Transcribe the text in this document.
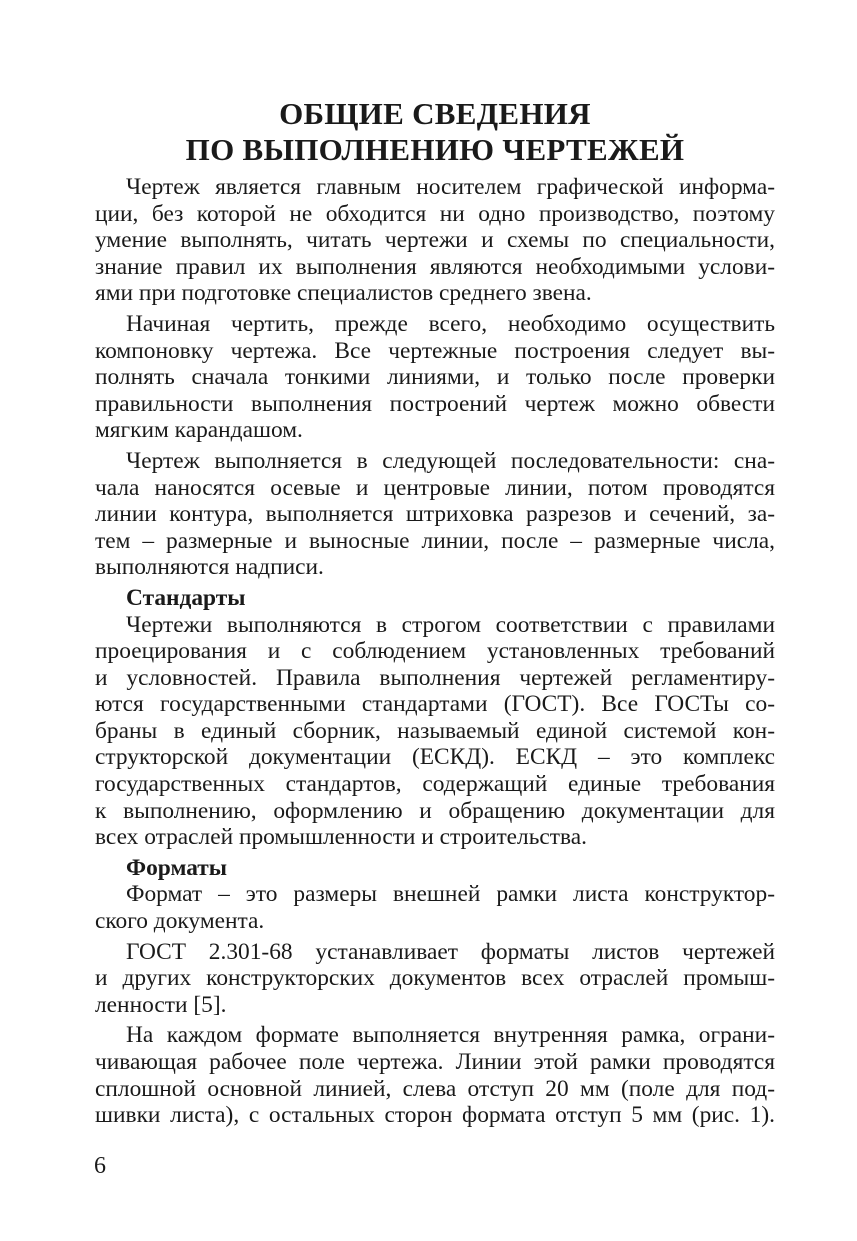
ОБЩИЕ СВЕДЕНИЯ
ПО ВЫПОЛНЕНИЮ ЧЕРТЕЖЕЙ
Чертеж является главным носителем графической информа-
ции, без которой не обходится ни одно производство, поэтому
умение выполнять, читать чертежи и схемы по специальности,
знание правил их выполнения являются необходимыми услови-
ями при подготовке специалистов среднего звена.
Начиная чертить, прежде всего, необходимо осуществить
компоновку чертежа. Все чертежные построения следует вы-
полнять сначала тонкими линиями, и только после проверки
правильности выполнения построений чертеж можно обвести
мягким карандашом.
Чертеж выполняется в следующей последовательности: сна-
чала наносятся осевые и центровые линии, потом проводятся
линии контура, выполняется штриховка разрезов и сечений, за-
тем – размерные и выносные линии, после – размерные числа,
выполняются надписи.
Стандарты
Чертежи выполняются в строгом соответствии с правилами
проецирования и с соблюдением установленных требований
и условностей. Правила выполнения чертежей регламентиру-
ются государственными стандартами (ГОСТ). Все ГОСТы со-
браны в единый сборник, называемый единой системой кон-
структорской документации (ЕСКД). ЕСКД – это комплекс
государственных стандартов, содержащий единые требования
к выполнению, оформлению и обращению документации для
всех отраслей промышленности и строительства.
Форматы
Формат – это размеры внешней рамки листа конструктор-
ского документа.
ГОСТ 2.301-68 устанавливает форматы листов чертежей
и других конструкторских документов всех отраслей промыш-
ленности [5].
На каждом формате выполняется внутренняя рамка, ограни-
чивающая рабочее поле чертежа. Линии этой рамки проводятся
сплошной основной линией, слева отступ 20 мм (поле для под-
шивки листа), с остальных сторон формата отступ 5 мм (рис. 1).
6
